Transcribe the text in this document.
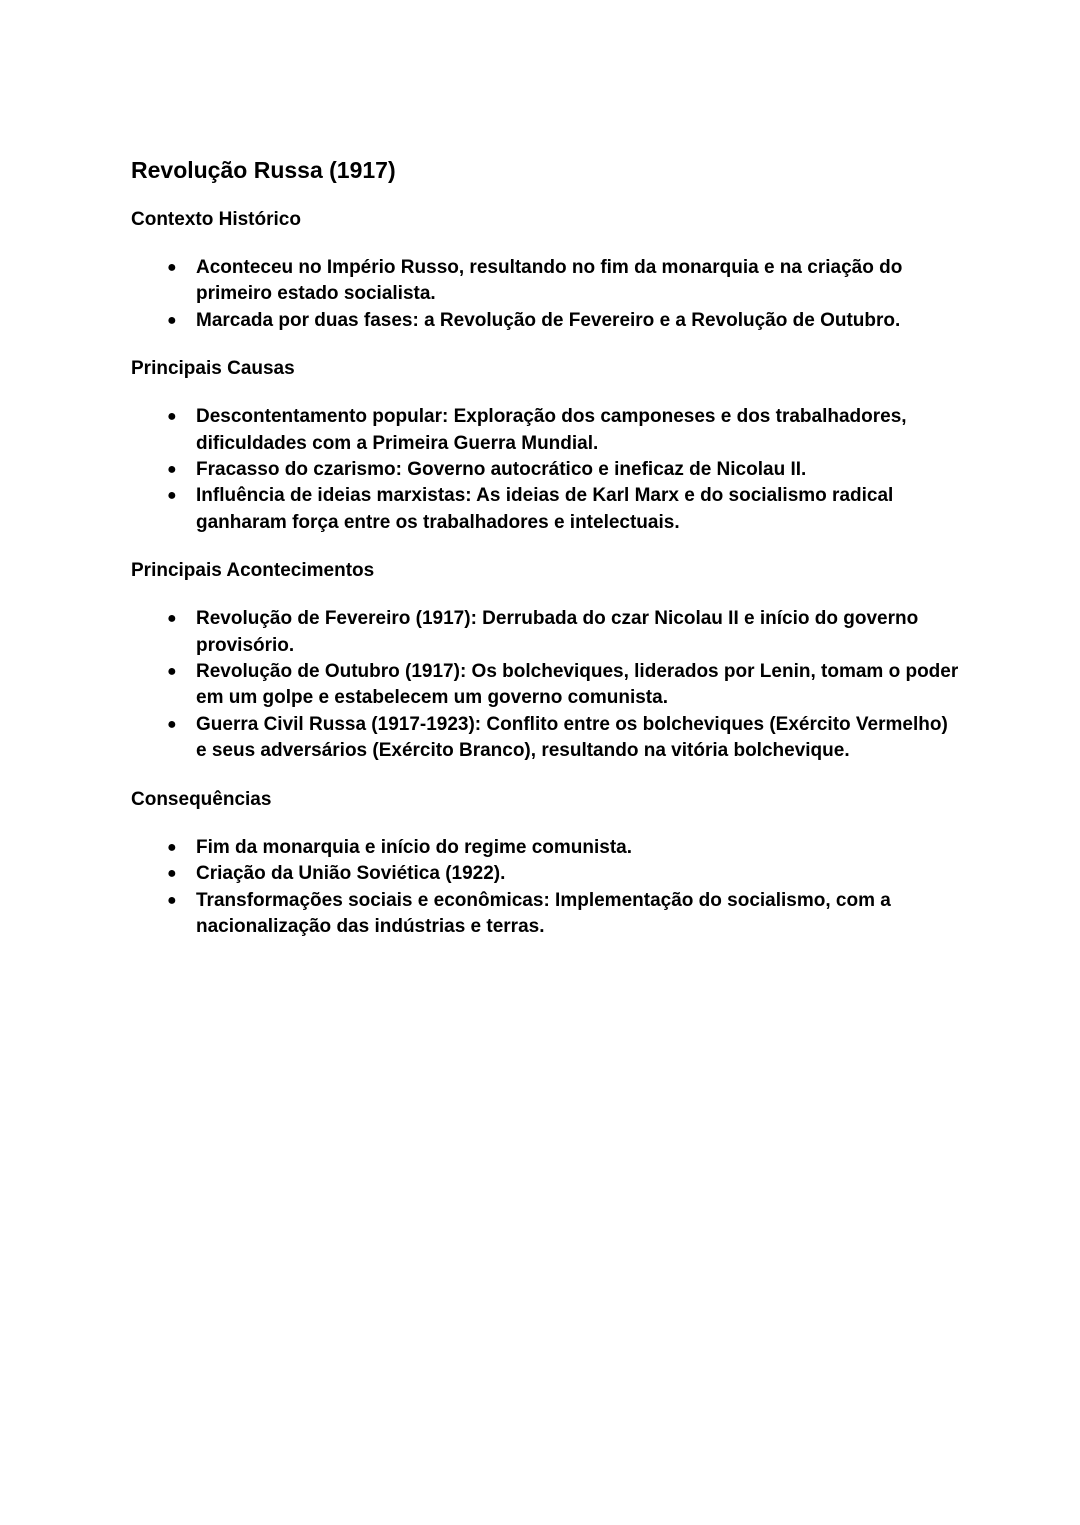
Revolução Russa (1917)
Contexto Histórico
● Aconteceu no Império Russo, resultando no fim da monarquia e na criação do primeiro estado socialista.
● Marcada por duas fases: a Revolução de Fevereiro e a Revolução de Outubro.
Principais Causas
● Descontentamento popular: Exploração dos camponeses e dos trabalhadores, dificuldades com a Primeira Guerra Mundial.
● Fracasso do czarismo: Governo autocrático e ineficaz de Nicolau II.
● Influência de ideias marxistas: As ideias de Karl Marx e do socialismo radical ganharam força entre os trabalhadores e intelectuais.
Principais Acontecimentos
● Revolução de Fevereiro (1917): Derrubada do czar Nicolau II e início do governo provisório.
● Revolução de Outubro (1917): Os bolcheviques, liderados por Lenin, tomam o poder em um golpe e estabelecem um governo comunista.
● Guerra Civil Russa (1917-1923): Conflito entre os bolcheviques (Exército Vermelho) e seus adversários (Exército Branco), resultando na vitória bolchevique.
Consequências
● Fim da monarquia e início do regime comunista.
● Criação da União Soviética (1922).
● Transformações sociais e econômicas: Implementação do socialismo, com a nacionalização das indústrias e terras.
